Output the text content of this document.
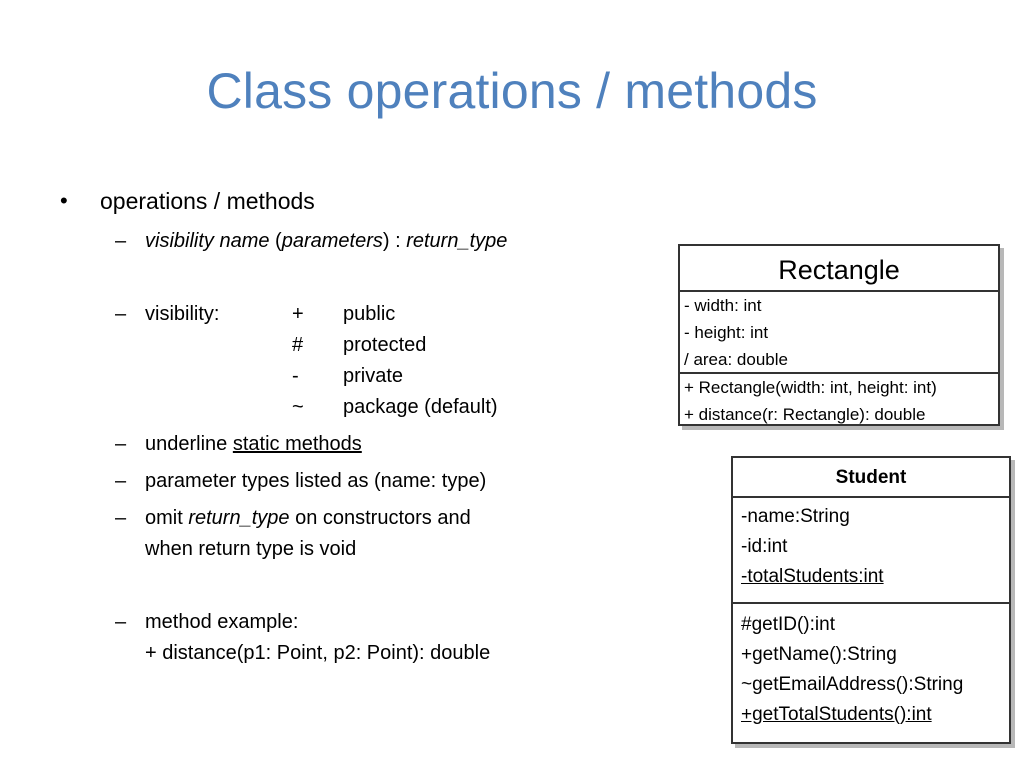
Class operations / methods
• operations / methods
– visibility name (parameters) : return_type
– visibility:	+ public
# protected
- private
~ package (default)
– underline static methods
– parameter types listed as (name: type)
– omit return_type on constructors and
when return type is void
– method example:
+ distance(p1: Point, p2: Point): double
Rectangle
- width: int
- height: int
/ area: double
+ Rectangle(width: int, height: int)
+ distance(r: Rectangle): double
Student
-name:String
-id:int
-totalStudents:int
#getID():int
+getName():String
~getEmailAddress():String
+getTotalStudents():int
